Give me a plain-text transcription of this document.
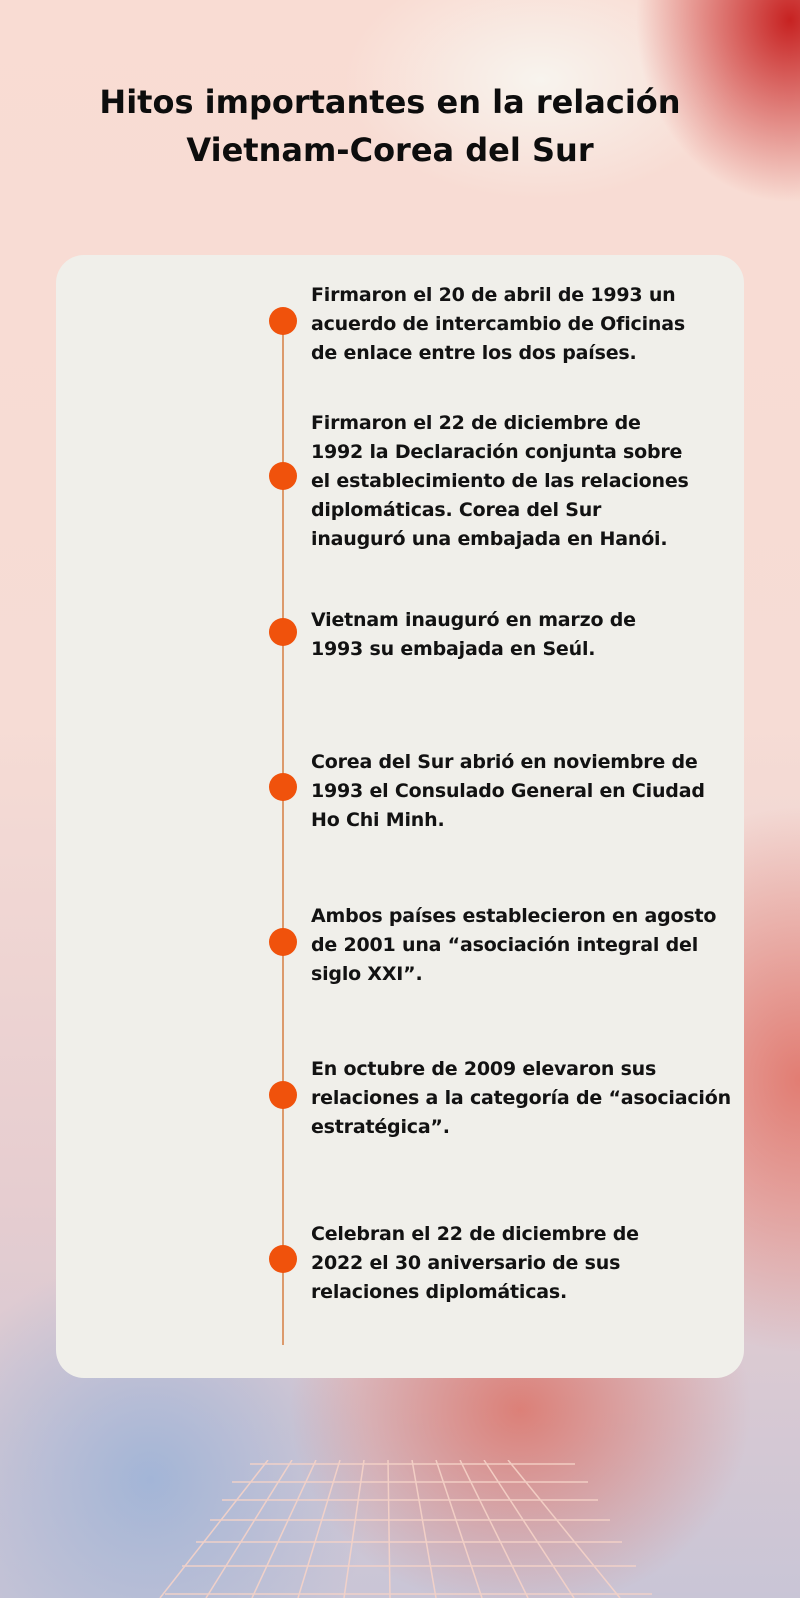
Hitos importantes en la relación
Vietnam-Corea del Sur

Firmaron el 20 de abril de 1993 un acuerdo de intercambio de Oficinas de enlace entre los dos países.

Firmaron el 22 de diciembre de 1992 la Declaración conjunta sobre el establecimiento de las relaciones diplomáticas. Corea del Sur inauguró una embajada en Hanói.

Vietnam inauguró en marzo de 1993 su embajada en Seúl.

Corea del Sur abrió en noviembre de 1993 el Consulado General en Ciudad Ho Chi Minh.

Ambos países establecieron en agosto de 2001 una “asociación integral del siglo XXI”.

En octubre de 2009 elevaron sus relaciones a la categoría de “asociación estratégica”.

Celebran el 22 de diciembre de 2022 el 30 aniversario de sus relaciones diplomáticas.
